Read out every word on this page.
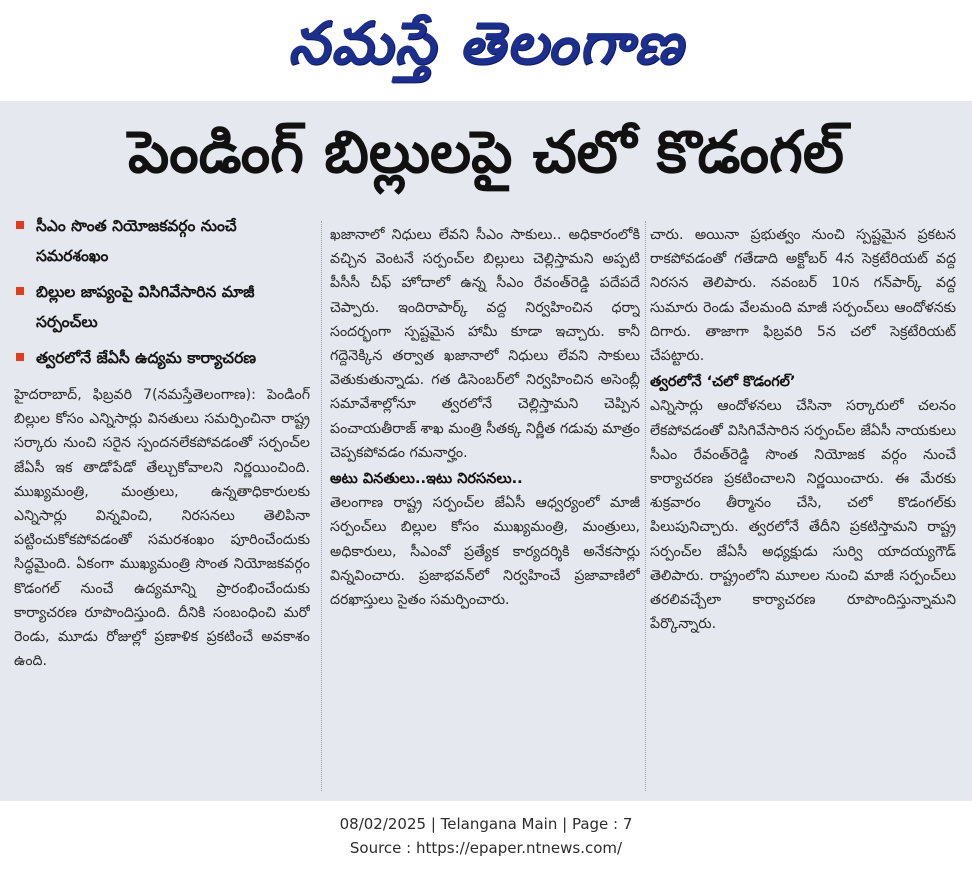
నమస్తే తెలంగాణ
పెండింగ్ బిల్లులపై చలో కొడంగల్
సీఎం సొంత నియోజకవర్గం నుంచే సమరశంఖం
బిల్లుల జాప్యంపై విసిగివేసారిన మాజీ సర్పంచ్‌లు
త్వరలోనే జేఏసీ ఉద్యమ కార్యాచరణ

హైదరాబాద్, ఫిబ్రవరి 7(నమస్తేతెలంగాణ): పెండింగ్ బిల్లుల కోసం ఎన్నిసార్లు వినతులు సమర్పించినా రాష్ట్ర సర్కారు నుంచి సరైన స్పందనలేకపోవడంతో సర్పంచ్‌ల జేఏసీ ఇక తాడోపేడో తేల్చుకోవాలని నిర్ణయించింది. ముఖ్యమంత్రి, మంత్రులు, ఉన్నతాధికారులకు ఎన్నిసార్లు విన్నవించి, నిరసనలు తెలిపినా పట్టించుకోకపోవడంతో సమరశంఖం పూరించేందుకు సిద్ధమైంది. ఏకంగా ముఖ్యమంత్రి సొంత నియోజకవర్గం కొడంగల్ నుంచే ఉద్యమాన్ని ప్రారంభించేందుకు కార్యాచరణ రూపొందిస్తుంది. దీనికి సంబంధించి మరో రెండు, మూడు రోజుల్లో ప్రణాళిక ప్రకటించే అవకాశం ఉంది.

ఖజానాలో నిధులు లేవని సీఎం సాకులు.. అధికారంలోకి వచ్చిన వెంటనే సర్పంచ్‌ల బిల్లులు చెల్లిస్తామని అప్పటి పీసీసీ చీఫ్ హోదాలో ఉన్న సీఎం రేవంత్‌రెడ్డి పదేపదే చెప్పారు. ఇందిరాపార్క్ వద్ద నిర్వహించిన ధర్నా సందర్భంగా స్పష్టమైన హామీ కూడా ఇచ్చారు. కానీ గద్దెనెక్కిన తర్వాత ఖజానాలో నిధులు లేవని సాకులు వెతుకుతున్నాడు. గత డిసెంబర్‌లో నిర్వహించిన అసెంబ్లీ సమావేశాల్లోనూ త్వరలోనే చెల్లిస్తామని చెప్పిన పంచాయతీరాజ్ శాఖ మంత్రి సీతక్క నిర్ణీత గడువు మాత్రం చెప్పకపోవడం గమనార్హం.

అటు వినతులు..ఇటు నిరసనలు..

తెలంగాణ రాష్ట్ర సర్పంచ్‌ల జేఏసీ ఆధ్వర్యంలో మాజీ సర్పంచ్‌లు బిల్లుల కోసం ముఖ్యమంత్రి, మంత్రులు, అధికారులు, సీఎంవో ప్రత్యేక కార్యదర్శికి అనేకసార్లు విన్నవించారు. ప్రజాభవన్‌లో నిర్వహించే ప్రజావాణిలో దరఖాస్తులు సైతం సమర్పించారు.

చారు. అయినా ప్రభుత్వం నుంచి స్పష్టమైన ప్రకటన రాకపోవడంతో గతేడాది అక్టోబర్ 4న సెక్రటేరియట్ వద్ద నిరసన తెలిపారు. నవంబర్ 10న గన్‌పార్క్ వద్ద సుమారు రెండు వేలమంది మాజీ సర్పంచ్‌లు ఆందోళనకు దిగారు. తాజాగా ఫిబ్రవరి 5న చలో సెక్రటేరియట్ చేపట్టారు.

త్వరలోనే ‘చలో కొడంగల్’

ఎన్నిసార్లు ఆందోళనలు చేసినా సర్కారులో చలనం లేకపోవడంతో విసిగివేసారిన సర్పంచ్‌ల జేఏసీ నాయకులు సీఎం రేవంత్‌రెడ్డి సొంత నియోజక వర్గం నుంచే కార్యాచరణ ప్రకటించాలని నిర్ణయించారు. ఈ మేరకు శుక్రవారం తీర్మానం చేసి, చలో కొడంగల్‌కు పిలుపునిచ్చారు. త్వరలోనే తేదీని ప్రకటిస్తామని రాష్ట్ర సర్పంచ్‌ల జేఏసీ అధ్యక్షుడు సుర్వి యాదయ్యగౌడ్ తెలిపారు. రాష్ట్రంలోని మూలల నుంచి మాజీ సర్పంచ్‌లు తరలివచ్చేలా కార్యాచరణ రూపొందిస్తున్నామని పేర్కొన్నారు.

08/02/2025 | Telangana Main | Page : 7
Source : https://epaper.ntnews.com/
